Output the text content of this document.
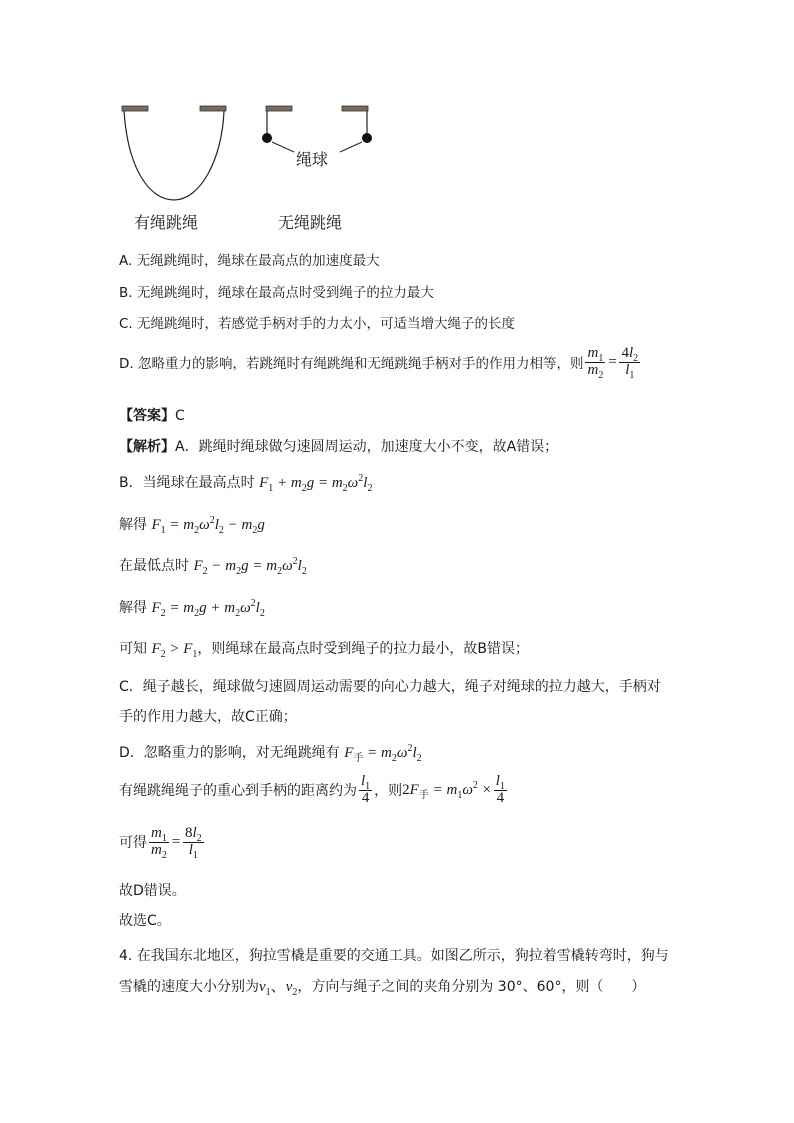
绳球
有绳跳绳	无绳跳绳
A. 无绳跳绳时，绳球在最高点的加速度最大
B. 无绳跳绳时，绳球在最高点时受到绳子的拉力最大
C. 无绳跳绳时，若感觉手柄对手的力太小，可适当增大绳子的长度
D. 忽略重力的影响，若跳绳时有绳跳绳和无绳跳绳手柄对手的作用力相等，则 $\frac{m_1}{m_2} = \frac{4l_2}{l_1}$
【答案】C
【解析】A．跳绳时绳球做匀速圆周运动，加速度大小不变，故A错误；
B．当绳球在最高点时 $F_1 + m_2g = m_2\omega^2l_2$
解得 $F_1 = m_2\omega^2l_2 - m_2g$
在最低点时 $F_2 - m_2g = m_2\omega^2l_2$
解得 $F_2 = m_2g + m_2\omega^2l_2$
可知 $F_2 > F_1$，则绳球在最高点时受到绳子的拉力最小，故B错误；
C．绳子越长，绳球做匀速圆周运动需要的向心力越大，绳子对绳球的拉力越大，手柄对
手的作用力越大，故C正确；
D．忽略重力的影响，对无绳跳绳有 $F_手 = m_2\omega^2l_2$
有绳跳绳绳子的重心到手柄的距离约为 $\frac{l_1}{4}$ ，则 $2F_手 = m_1\omega^2 \times \frac{l_1}{4}$
可得 $\frac{m_1}{m_2} = \frac{8l_2}{l_1}$
故D错误。
故选C。
4. 在我国东北地区，狗拉雪橇是重要的交通工具。如图乙所示，狗拉着雪橇转弯时，狗与
雪橇的速度大小分别为$v_1$、$v_2$，方向与绳子之间的夹角分别为 30°、60°，则（　　）
